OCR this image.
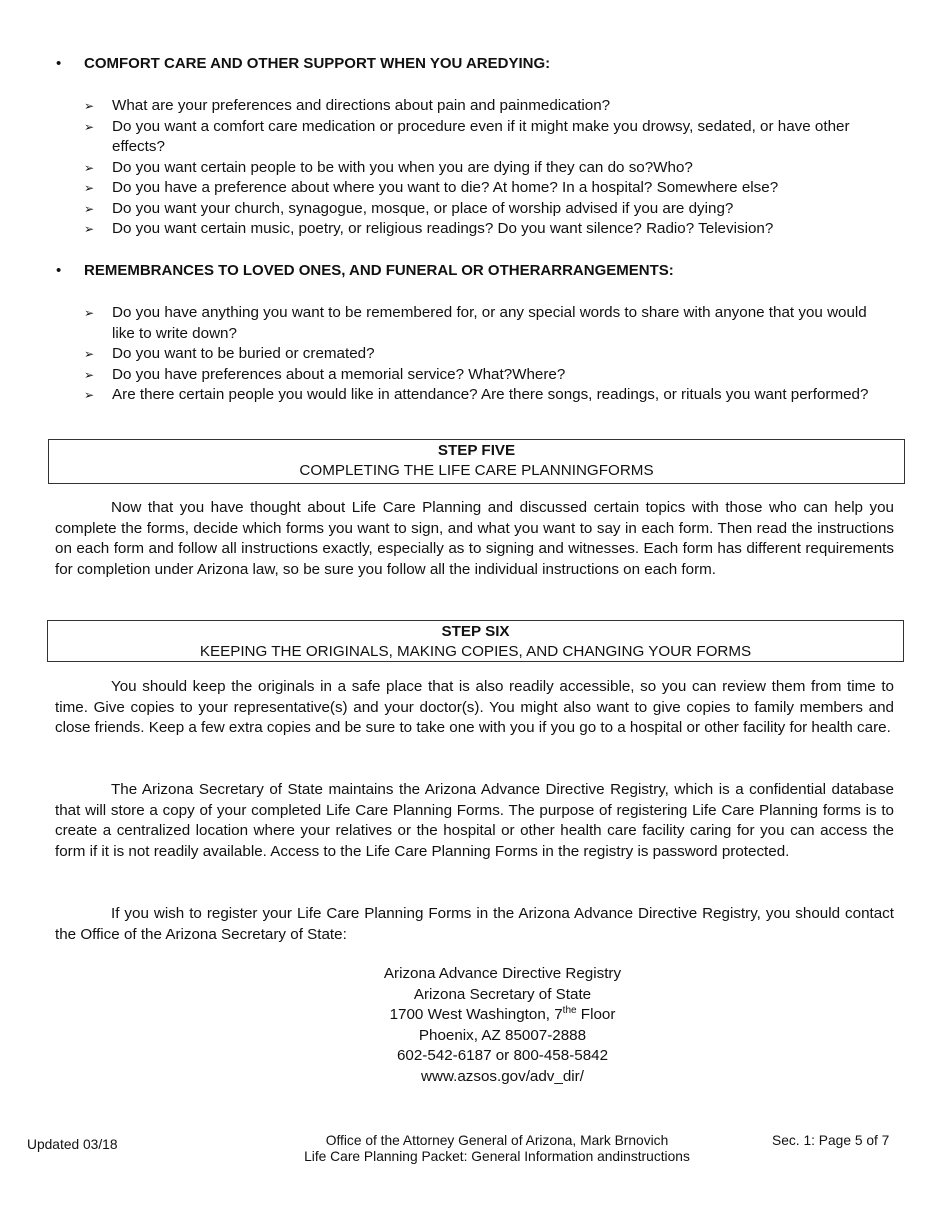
• COMFORT CARE AND OTHER SUPPORT WHEN YOU AREDYING:
➢ What are your preferences and directions about pain and painmedication?
➢ Do you want a comfort care medication or procedure even if it might make you drowsy, sedated, or have other effects?
➢ Do you want certain people to be with you when you are dying if they can do so?Who?
➢ Do you have a preference about where you want to die? At home? In a hospital? Somewhere else?
➢ Do you want your church, synagogue, mosque, or place of worship advised if you are dying?
➢ Do you want certain music, poetry, or religious readings? Do you want silence? Radio? Television?
• REMEMBRANCES TO LOVED ONES, AND FUNERAL OR OTHERARRANGEMENTS:
➢ Do you have anything you want to be remembered for, or any special words to share with anyone that you would like to write down?
➢ Do you want to be buried or cremated?
➢ Do you have preferences about a memorial service? What?Where?
➢ Are there certain people you would like in attendance? Are there songs, readings, or rituals you want performed?
STEP FIVE
COMPLETING THE LIFE CARE PLANNINGFORMS

Now that you have thought about Life Care Planning and discussed certain topics with those who can help you complete the forms, decide which forms you want to sign, and what you want to say in each form. Then read the instructions on each form and follow all instructions exactly, especially as to signing and witnesses. Each form has different requirements for completion under Arizona law, so be sure you follow all the individual instructions on each form.

STEP SIX
KEEPING THE ORIGINALS, MAKING COPIES, AND CHANGING YOUR FORMS

You should keep the originals in a safe place that is also readily accessible, so you can review them from time to time. Give copies to your representative(s) and your doctor(s). You might also want to give copies to family members and close friends. Keep a few extra copies and be sure to take one with you if you go to a hospital or other facility for health care.

The Arizona Secretary of State maintains the Arizona Advance Directive Registry, which is a confidential database that will store a copy of your completed Life Care Planning Forms. The purpose of registering Life Care Planning forms is to create a centralized location where your relatives or the hospital or other health care facility caring for you can access the form if it is not readily available. Access to the Life Care Planning Forms in the registry is password protected.

If you wish to register your Life Care Planning Forms in the Arizona Advance Directive Registry, you should contact the Office of the Arizona Secretary of State:

Arizona Advance Directive Registry
Arizona Secretary of State
1700 West Washington, $7^{the}$ Floor
Phoenix, AZ 85007-2888
602-542-6187 or 800-458-5842
www.azsos.gov/adv_dir/
Updated 03/18	Office of the Attorney General of Arizona, Mark Brnovich
Life Care Planning Packet: General Information andinstructions
Sec. 1: Page 5 of 7
